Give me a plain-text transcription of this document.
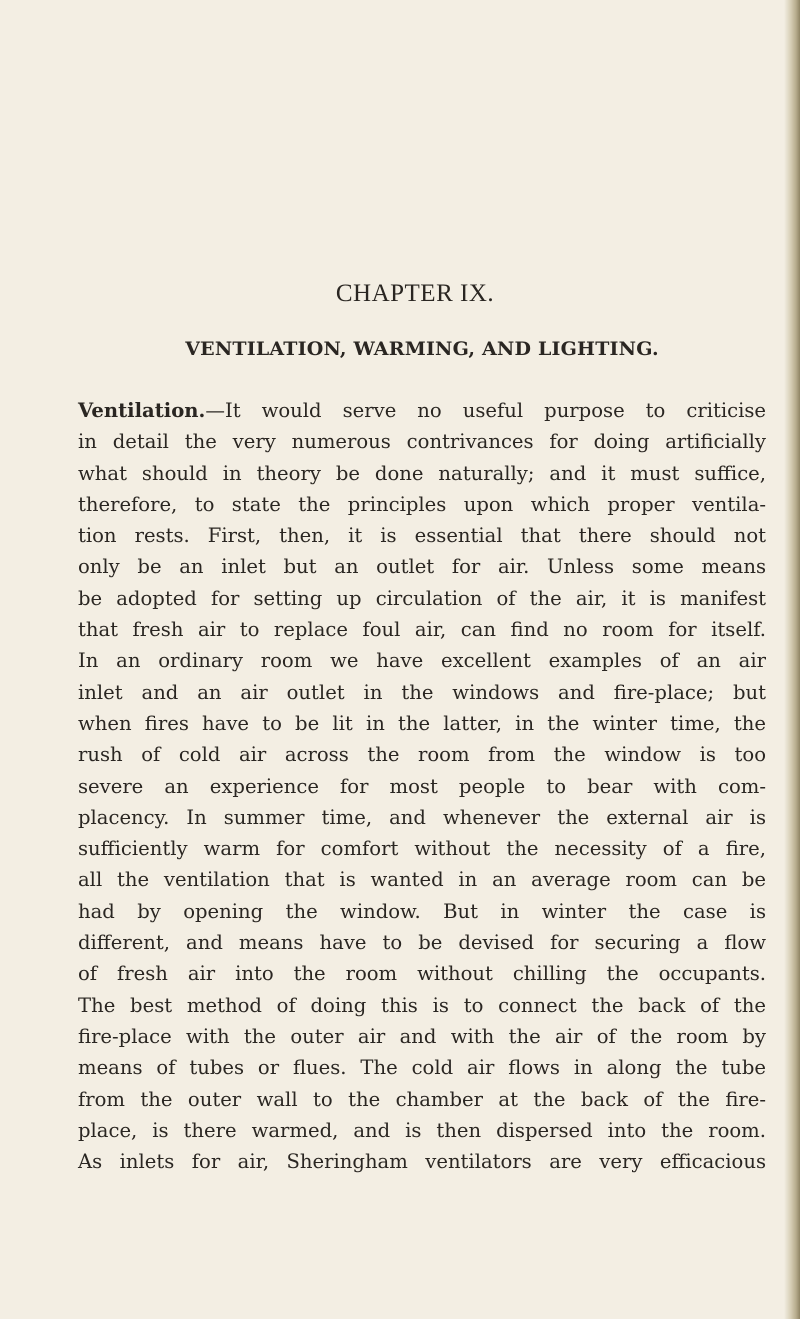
CHAPTER IX.
VENTILATION, WARMING, AND LIGHTING.
Ventilation.—It would serve no useful purpose to criticise
in detail the very numerous contrivances for doing artificially
what should in theory be done naturally; and it must suffice,
therefore, to state the principles upon which proper ventila-
tion rests. First, then, it is essential that there should not
only be an inlet but an outlet for air. Unless some means
be adopted for setting up circulation of the air, it is manifest
that fresh air to replace foul air, can find no room for itself.
In an ordinary room we have excellent examples of an air
inlet and an air outlet in the windows and fire-place; but
when fires have to be lit in the latter, in the winter time, the
rush of cold air across the room from the window is too
severe an experience for most people to bear with com-
placency. In summer time, and whenever the external air is
sufficiently warm for comfort without the necessity of a fire,
all the ventilation that is wanted in an average room can be
had by opening the window. But in winter the case is
different, and means have to be devised for securing a flow
of fresh air into the room without chilling the occupants.
The best method of doing this is to connect the back of the
fire-place with the outer air and with the air of the room by
means of tubes or flues. The cold air flows in along the tube
from the outer wall to the chamber at the back of the fire-
place, is there warmed, and is then dispersed into the room.
As inlets for air, Sheringham ventilators are very efficacious
